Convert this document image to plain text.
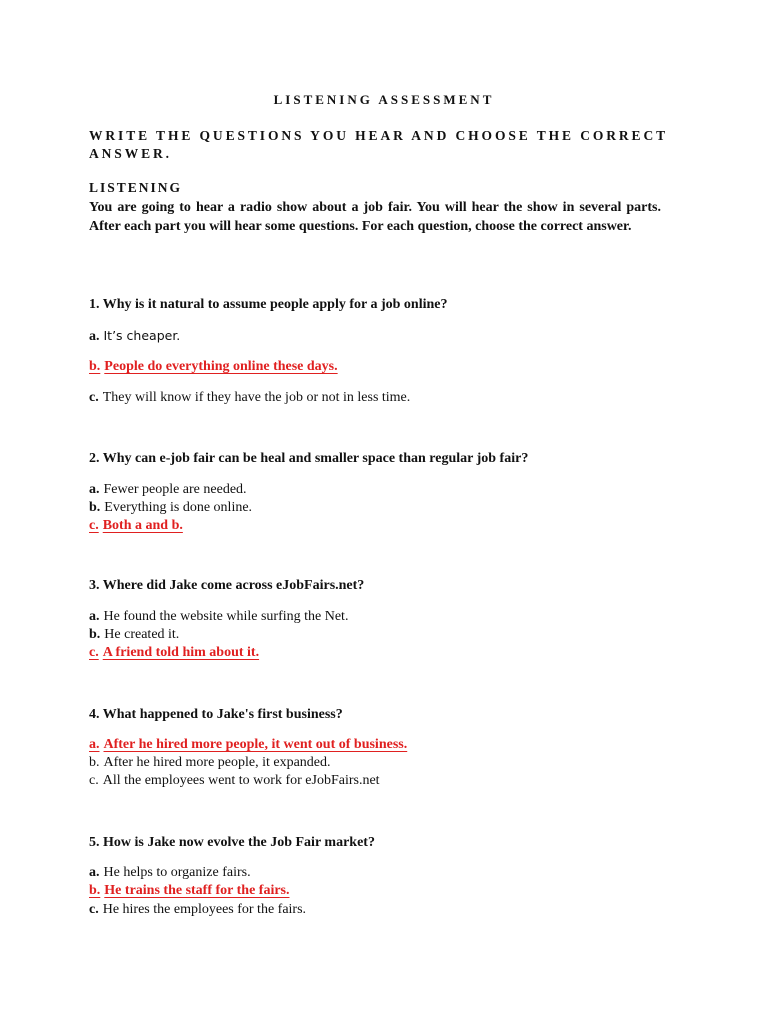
LISTENING ASSESSMENT
WRITE THE QUESTIONS YOU HEAR AND CHOOSE THE CORRECT ANSWER.
LISTENING
You are going to hear a radio show about a job fair. You will hear the show in several parts. After each part you will hear some questions. For each question, choose the correct answer.
1. Why is it natural to assume people apply for a job online?
a. It’s cheaper.
b. People do everything online these days.
c. They will know if they have the job or not in less time.
2. Why can e-job fair can be heal and smaller space than regular job fair?
a. Fewer people are needed.
b. Everything is done online.
c. Both a and b.
3. Where did Jake come across eJobFairs.net?
a. He found the website while surfing the Net.
b. He created it.
c. A friend told him about it.
4. What happened to Jake's first business?
a. After he hired more people, it went out of business.
b. After he hired more people, it expanded.
c. All the employees went to work for eJobFairs.net
5. How is Jake now evolve the Job Fair market?
a. He helps to organize fairs.
b. He trains the staff for the fairs.
c. He hires the employees for the fairs.
